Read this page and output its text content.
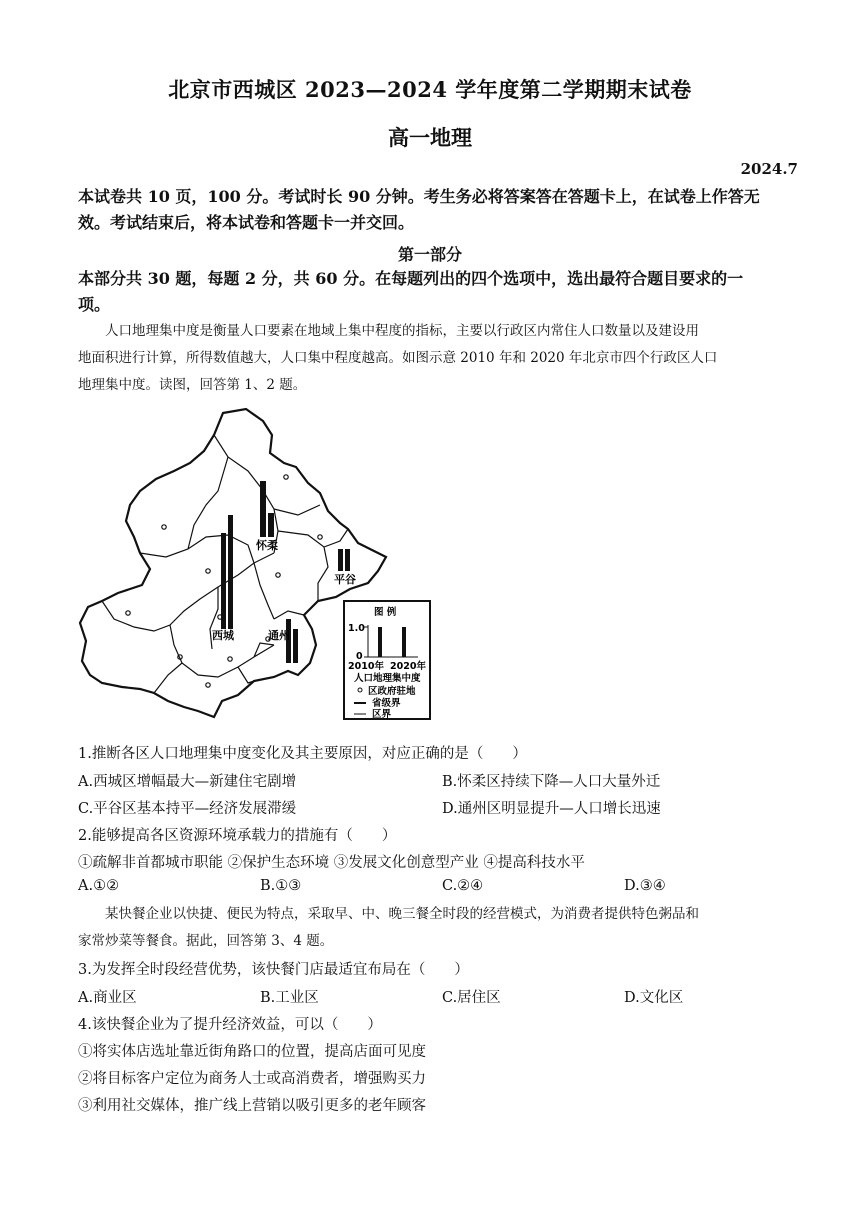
北京市西城区 2023—2024 学年度第二学期期末试卷
高一地理
2024.7
本试卷共 10 页，100 分。考试时长 90 分钟。考生务必将答案答在答题卡上，在试卷上作答无
效。考试结束后，将本试卷和答题卡一并交回。
第一部分
本部分共 30 题，每题 2 分，共 60 分。在每题列出的四个选项中，选出最符合题目要求的一
项。
人口地理集中度是衡量人口要素在地域上集中程度的指标，主要以行政区内常住人口数量以及建设用
地面积进行计算，所得数值越大，人口集中程度越高。如图示意 2010 年和 2020 年北京市四个行政区人口
地理集中度。读图，回答第 1、2 题。
怀柔
平谷
西城	通州
图 例
1.0
0
2010年 2020年
人口地理集中度
区政府驻地
省级界
区界
1.推断各区人口地理集中度变化及其主要原因，对应正确的是（　　）
A.西城区增幅最大—新建住宅剧增	B.怀柔区持续下降—人口大量外迁
C.平谷区基本持平—经济发展滞缓	D.通州区明显提升—人口增长迅速
2.能够提高各区资源环境承载力的措施有（　　）
①疏解非首都城市职能 ②保护生态环境 ③发展文化创意型产业 ④提高科技水平
A.①②	B.①③	C.②④	D.③④
某快餐企业以快捷、便民为特点，采取早、中、晚三餐全时段的经营模式，为消费者提供特色粥品和
家常炒菜等餐食。据此，回答第 3、4 题。
3.为发挥全时段经营优势，该快餐门店最适宜布局在（　　）
A.商业区	B.工业区	C.居住区	D.文化区
4.该快餐企业为了提升经济效益，可以（　　）
①将实体店选址靠近街角路口的位置，提高店面可见度
②将目标客户定位为商务人士或高消费者，增强购买力
③利用社交媒体，推广线上营销以吸引更多的老年顾客
